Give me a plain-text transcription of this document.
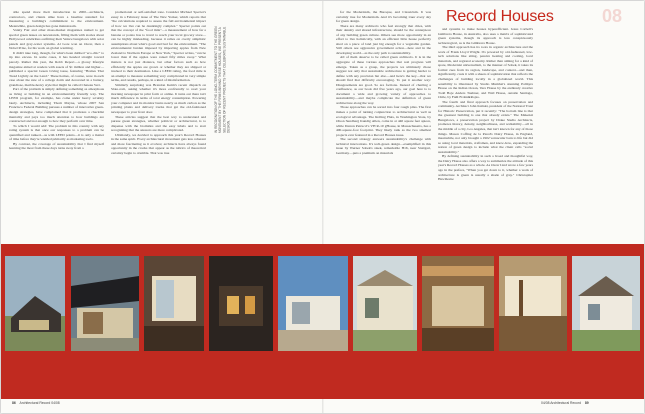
able spend more their introduction in 2000—architects, contractors, and clients alike have a baseline standard for measuring a building's commitment to the environment. Meanwhile, green design has gone mainstream.

Vanity Fair and other mass-market magazines rushed to get special green issues on newsstands, filling them with stories about Hollywood celebrities outfitting their Venice bungalows with solar panels and gray-water systems. Al Gore won an Oscar, then a Nobel Prize, for his work on global warming.

It didn't take long, though, for what's been dubbed "eco-chic" to tip into excess. In some cases, it has headed straight toward parody. Rather this year, the Robb Report—a glossy lifestyle magazine aimed at readers with assets of $1 million and higher—published a special Green Living issue, featuring "Homes That Tread Lightly on the Land." These homes, of course, were in each case about the size of a college dorm and decorated in a buttery, grandiose, marble-heavy style that might be called Chateau Vert.

Part of the problem is simply defining something as amorphous as living or building in an environmentally friendly way. The LEED program, for example, has come under heavy scrutiny lately. Architects, including Thom Mayne, whose 2007 San Francisco Federal Building pursues a number of innovative green-design strategies, have complained that it promotes a checklist mentality and pays too much attention to how buildings are constructed and not enough to how they perform over time.

To which I would add: The problem in this country with any rating system is that once our responses to a problem can be quantified and ranked—as with LEED points—it is only a matter of time before they're wielded primarily as marketing tools.

By contrast, the coverage of sustainability that I find myself learning the most from these days turns away from a

promotional or self-satisfied tone. Consider Michael Specter's essay in a February issue of The New Yorker, which reports that "the calculations required to assess the full environmental impact of how we live can be dauntingly complex." Specter points out that the concept of the "food mile"—a measurement of how far a banana or potato has to travel to reach your local grocery store—can be highly misleading, because it relies on overly simplistic assumptions about what's good and bad for the environment. "The environmental burden imposed by importing apples from New Zealand to Northern Europe or New York," Specter writes, "can be lower than if the apples were raised fifty miles away." What matters is not just distance, but other factors such as how efficiently the apples are grown or whether they are shipped or trucked to their destination. Like a LEED rating, the food mile is an attempt to measure something very complicated in very simple terms, and results, perhaps, in a kind of misinformation.

Similarly surprising was Brandon Keim's recent dispatch on Slate.com, asking whether it's more ecofriendly to read your morning newspaper in print form or online. It turns out there isn't much difference in terms of total energy consumption. Powering your computer and its monitor burns nearly as much carbon as the printing plants and delivery trucks that get the old-fashioned newspaper to your front door.

These articles suggest that the best way to understand and pursue green strategies, whether political or architectural, is to dispense with the bromides and the easy labels and to start recognizing that the answers are more complicated.

Ultimately, we decided to approach this year's Record Houses in the same spirit. Every architectural movement gets less coherent and more fascinating as it evolves; architects have always found opportunity in the cracks that appear as the rubrics of theoretical certainty begin to crumble. That was true

IN RECOGNITION OF THE LONG-TERM COMMITMENT TO THE GREEN MOVEMENT BY THE FIRMS BEHIND THESE HOUSES, WE PRESENT A SELECTION OF RECENT PROJECTS THAT CELEBRATE SUSTAINABLE DESIGN.
Record Houses	08

for the Modernism, the Baroque, and Classicism. It was certainly true for Modernism. And it's becoming truer every day for green design.

There are many architects who feel strongly that cities, with their density and shared infrastructure, should be the centerpiece of any building green culture. Others see more opportunity in an effort to live holistically, with an efficient little house perfectly sited on a piece of land just big enough for a vegetable garden. Still others see aggressive government action—here and in the developing world—as the only path to sustainability.

All of them deserve to be called green architects. It is in the aggregate of these various approaches that real progress will emerge. Taken as a group, the projects we ultimately chose suggest not only that sustainable architecture is getting harder to define with any precision but also—and here's the key—that we should find that difficulty encouraging. To put it another way: Disagreements are good. So are factions. Instead of charting a confluence, as our book did five years ago, our goal here is to document a wide and growing variety of approaches to sustainability—and maybe complicate the definition of green architecture along the way.

Those approaches can be sorted into four rough piles. The first makes a point of turning conjunction to architectural as well as ecological advantage. The Rolling Huts, in Washington State, by Olson Sundberg Kundig Allen, come in at 440 square feet apiece, while Darren Petrucci's VH R-10 gHouse, in Massachusetts, has a 400-square-foot footprint. They likely rank as the two smallest projects ever featured in a Record Houses issue.

The second strategy answers sustainability's challenge with technical innovations. It's tech-green design—exemplified in this issue by Werner Sobek's sleek, remarkable H16, near Stuttgart, Germany—puts a premium on materials

and systems to make houses hyperefficient. Jesus Corbell's Gimbrera House, in Australia, also uses a matrix of sophisticated green systems, though its approach is less conspicuously technological, as is the Gimbrera House.

The third approach has its roots in organic architecture and the work of Frank Lloyd Wright. It's powered by old-fashioned, low-tech solutions like siting, passive heating and cooling, local materials, and regional economy. Rather than aiming for a kind of spare, Modernist universalism, to the manner of Sobek, it takes its formal cues from its region, landscape, and context—and then, significantly, casts it with a sheen of sophistication that reflects the challenges of building locally in a globalized world. This sensibility is illustrated by Studio Mumbai's stunning Palmyra House on the Indian Ocean, Vera House by the endlessly creative Todd Boje Anders Tuebner, and Wall House, outside Santiago, Chile, by FAR Frohn&Rojas.

The fourth and final approach focuses on preservation and community. Architect John Kaliski, president of the National Trust for Historic Preservation, put it recently: "The bottom line is that the greenest building is one that already exists." The Makenzi Bungalows, a preservation project by Drake Studio Architects, promotes history, density, neighborliness, and walkability—all in the middle of a city, Los Angeles, that isn't known for any of those things. Mason Coffing de la Pared's Dairy House, in England, meanwhile, not only brought a 1902 vernacular barn to life but did so using local materials, craftsmen, and know-how, expanding the notion of green design to include what the client calls "social sustainability."

By defining sustainability in such a broad and thoughtful way, the Dairy House also offers a way to summarize the attitude of this year's Record Houses as a whole. As Oscar Lind wrote a few years ago in the preface, "When you get down to it, whether a work of architecture is green is usually a shade of gray." Christopher Hawthorne

86 Architectural Record 04/08	04/08 Architectural Record 89
